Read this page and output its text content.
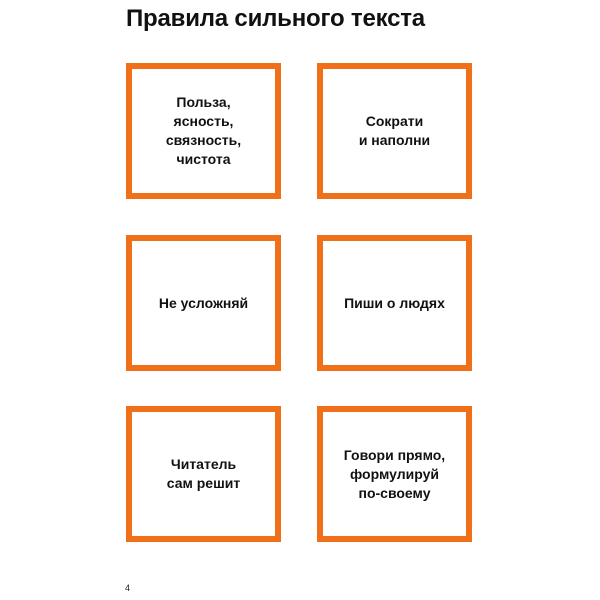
Правила сильного текста
Польза,
ясность,
связность,
чистота
Сократи
и наполни
Не усложняй	Пиши о людях
Читатель
сам решит
Говори прямо,
формулируй
по-своему
4
